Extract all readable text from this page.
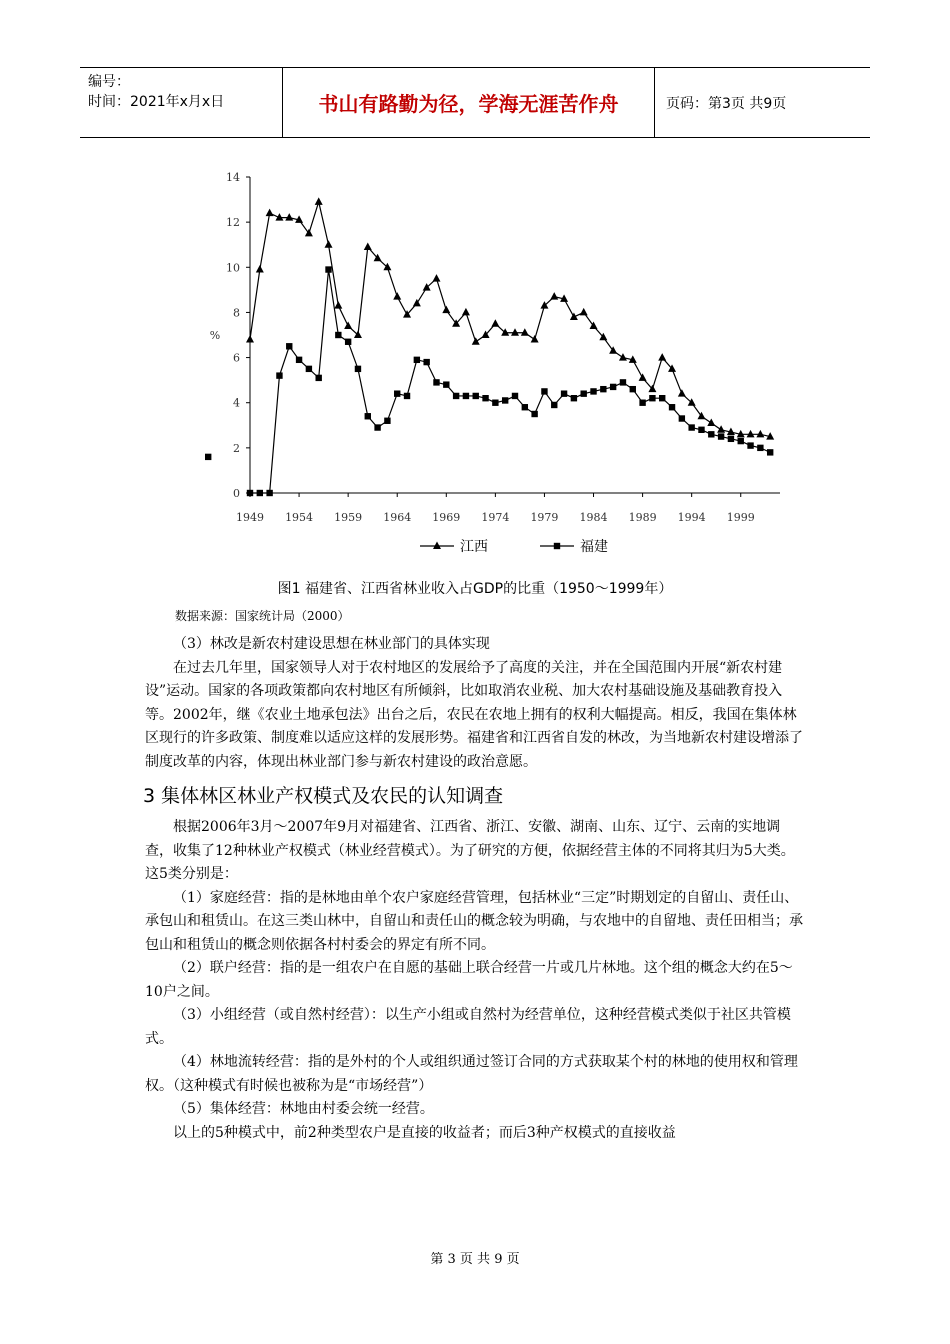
编号：
时间：2021年x月x日	书山有路勤为径，学海无涯苦作舟	页码：第3页 共9页
0
2
4
6
8
10
12
14
1949 1954 1959 1964 1969 1974 1979 1984 1989 1994 1999
%
江西	福建
图1 福建省、江西省林业收入占GDP的比重（1950～1999年）
数据来源：国家统计局（2000）

（3）林改是新农村建设思想在林业部门的具体实现

在过去几年里，国家领导人对于农村地区的发展给予了高度的关注，并在全国范围内开展“新农村建设”运动。国家的各项政策都向农村地区有所倾斜，比如取消农业税、加大农村基础设施及基础教育投入等。2002年，继《农业土地承包法》出台之后，农民在农地上拥有的权利大幅提高。相反，我国在集体林区现行的许多政策、制度难以适应这样的发展形势。福建省和江西省自发的林改，为当地新农村建设增添了制度改革的内容，体现出林业部门参与新农村建设的政治意愿。

3 集体林区林业产权模式及农民的认知调查

根据2006年3月～2007年9月对福建省、江西省、浙江、安徽、湖南、山东、辽宁、云南的实地调查，收集了12种林业产权模式（林业经营模式）。为了研究的方便，依据经营主体的不同将其归为5大类。这5类分别是：

（1）家庭经营：指的是林地由单个农户家庭经营管理，包括林业“三定”时期划定的自留山、责任山、承包山和租赁山。在这三类山林中，自留山和责任山的概念较为明确，与农地中的自留地、责任田相当；承包山和租赁山的概念则依据各村村委会的界定有所不同。

（2）联户经营：指的是一组农户在自愿的基础上联合经营一片或几片林地。这个组的概念大约在5～10户之间。

（3）小组经营（或自然村经营）：以生产小组或自然村为经营单位，这种经营模式类似于社区共管模式。

（4）林地流转经营：指的是外村的个人或组织通过签订合同的方式获取某个村的林地的使用权和管理权。（这种模式有时候也被称为是“市场经营”）

（5）集体经营：林地由村委会统一经营。

以上的5种模式中，前2种类型农户是直接的收益者；而后3种产权模式的直接收益

第 3 页 共 9 页
